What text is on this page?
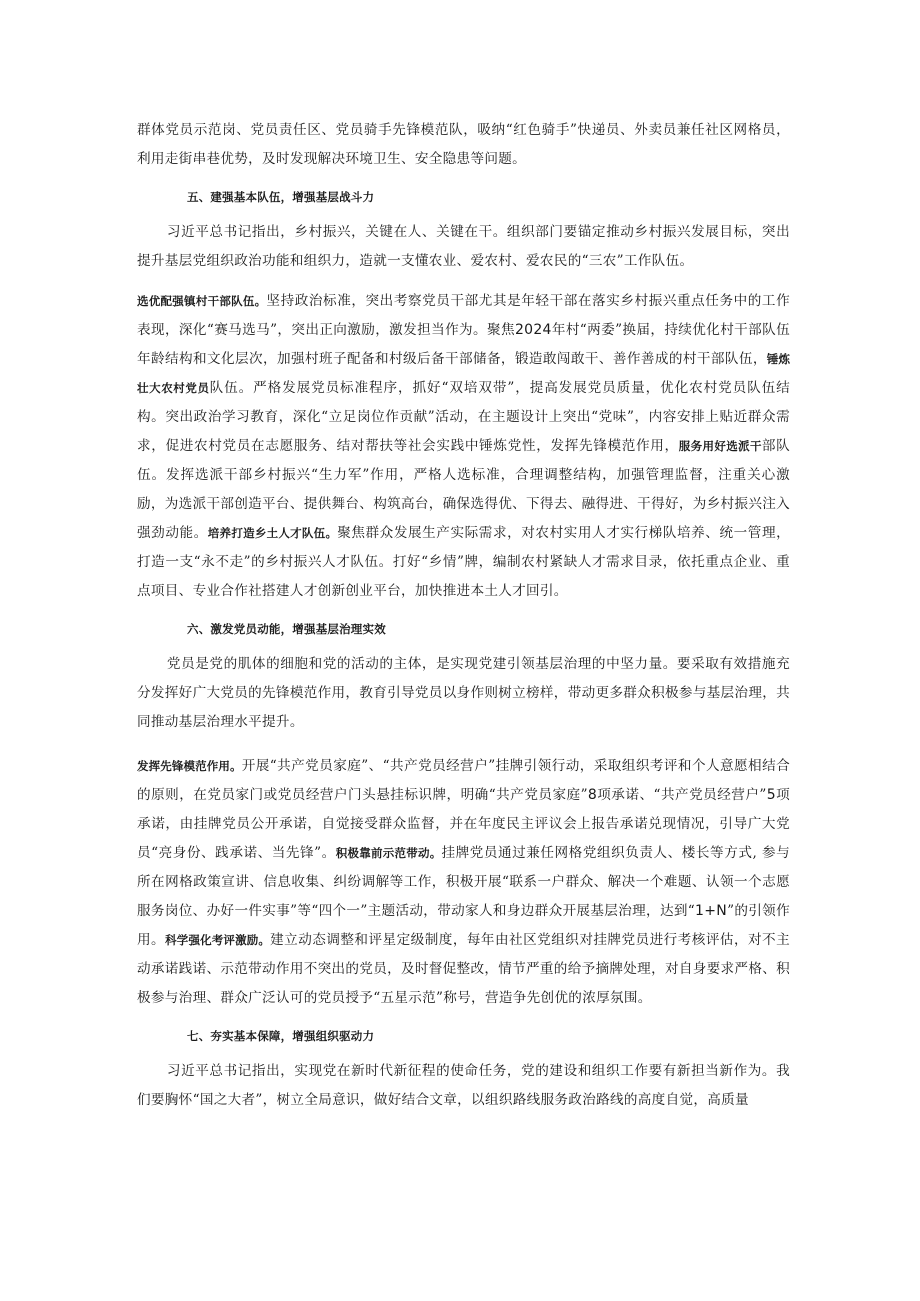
群体党员示范岗、党员责任区、党员骑手先锋模范队，吸纳“红色骑手”快递员、外卖员兼任社区网格员，利用走街串巷优势，及时发现解决环境卫生、安全隐患等问题。

五、建强基本队伍，增强基层战斗力

习近平总书记指出，乡村振兴，关键在人、关键在干。组织部门要锚定推动乡村振兴发展目标，突出提升基层党组织政治功能和组织力，造就一支懂农业、爱农村、爱农民的“三农”工作队伍。

选优配强镇村干部队伍。坚持政治标准，突出考察党员干部尤其是年轻干部在落实乡村振兴重点任务中的工作表现，深化“赛马选马”，突出正向激励，激发担当作为。聚焦2024年村“两委”换届，持续优化村干部队伍年龄结构和文化层次，加强村班子配备和村级后备干部储备，锻造敢闯敢干、善作善成的村干部队伍，锤炼壮大农村党员队伍。严格发展党员标准程序，抓好“双培双带”，提高发展党员质量，优化农村党员队伍结构。突出政治学习教育，深化“立足岗位作贡献”活动，在主题设计上突出“党味”，内容安排上贴近群众需求，促进农村党员在志愿服务、结对帮扶等社会实践中锤炼党性，发挥先锋模范作用，服务用好选派干部队伍。发挥选派干部乡村振兴“生力军”作用，严格人选标准，合理调整结构，加强管理监督，注重关心激励，为选派干部创造平台、提供舞台、构筑高台，确保选得优、下得去、融得进、干得好，为乡村振兴注入强劲动能。培养打造乡土人才队伍。聚焦群众发展生产实际需求，对农村实用人才实行梯队培养、统一管理，打造一支“永不走”的乡村振兴人才队伍。打好“乡情”牌，编制农村紧缺人才需求目录，依托重点企业、重点项目、专业合作社搭建人才创新创业平台，加快推进本土人才回引。

六、激发党员动能，增强基层治理实效

党员是党的肌体的细胞和党的活动的主体，是实现党建引领基层治理的中坚力量。要采取有效措施充分发挥好广大党员的先锋模范作用，教育引导党员以身作则树立榜样，带动更多群众积极参与基层治理，共同推动基层治理水平提升。

发挥先锋模范作用。开展“共产党员家庭”、“共产党员经营户”挂牌引领行动，采取组织考评和个人意愿相结合的原则，在党员家门或党员经营户门头悬挂标识牌，明确“共产党员家庭”8项承诺、“共产党员经营户”5项承诺，由挂牌党员公开承诺，自觉接受群众监督，并在年度民主评议会上报告承诺兑现情况，引导广大党员“亮身份、践承诺、当先锋”。积极靠前示范带动。挂牌党员通过兼任网格党组织负责人、楼长等方式, 参与所在网格政策宣讲、信息收集、纠纷调解等工作，积极开展“联系一户群众、解决一个难题、认领一个志愿服务岗位、办好一件实事”等“四个一”主题活动，带动家人和身边群众开展基层治理，达到“1+N”的引领作用。科学强化考评激励。建立动态调整和评星定级制度，每年由社区党组织对挂牌党员进行考核评估，对不主动承诺践诺、示范带动作用不突出的党员，及时督促整改，情节严重的给予摘牌处理，对自身要求严格、积极参与治理、群众广泛认可的党员授予“五星示范”称号，营造争先创优的浓厚氛围。

七、夯实基本保障，增强组织驱动力

习近平总书记指出，实现党在新时代新征程的使命任务，党的建设和组织工作要有新担当新作为。我们要胸怀“国之大者”，树立全局意识，做好结合文章，以组织路线服务政治路线的高度自觉，高质量
